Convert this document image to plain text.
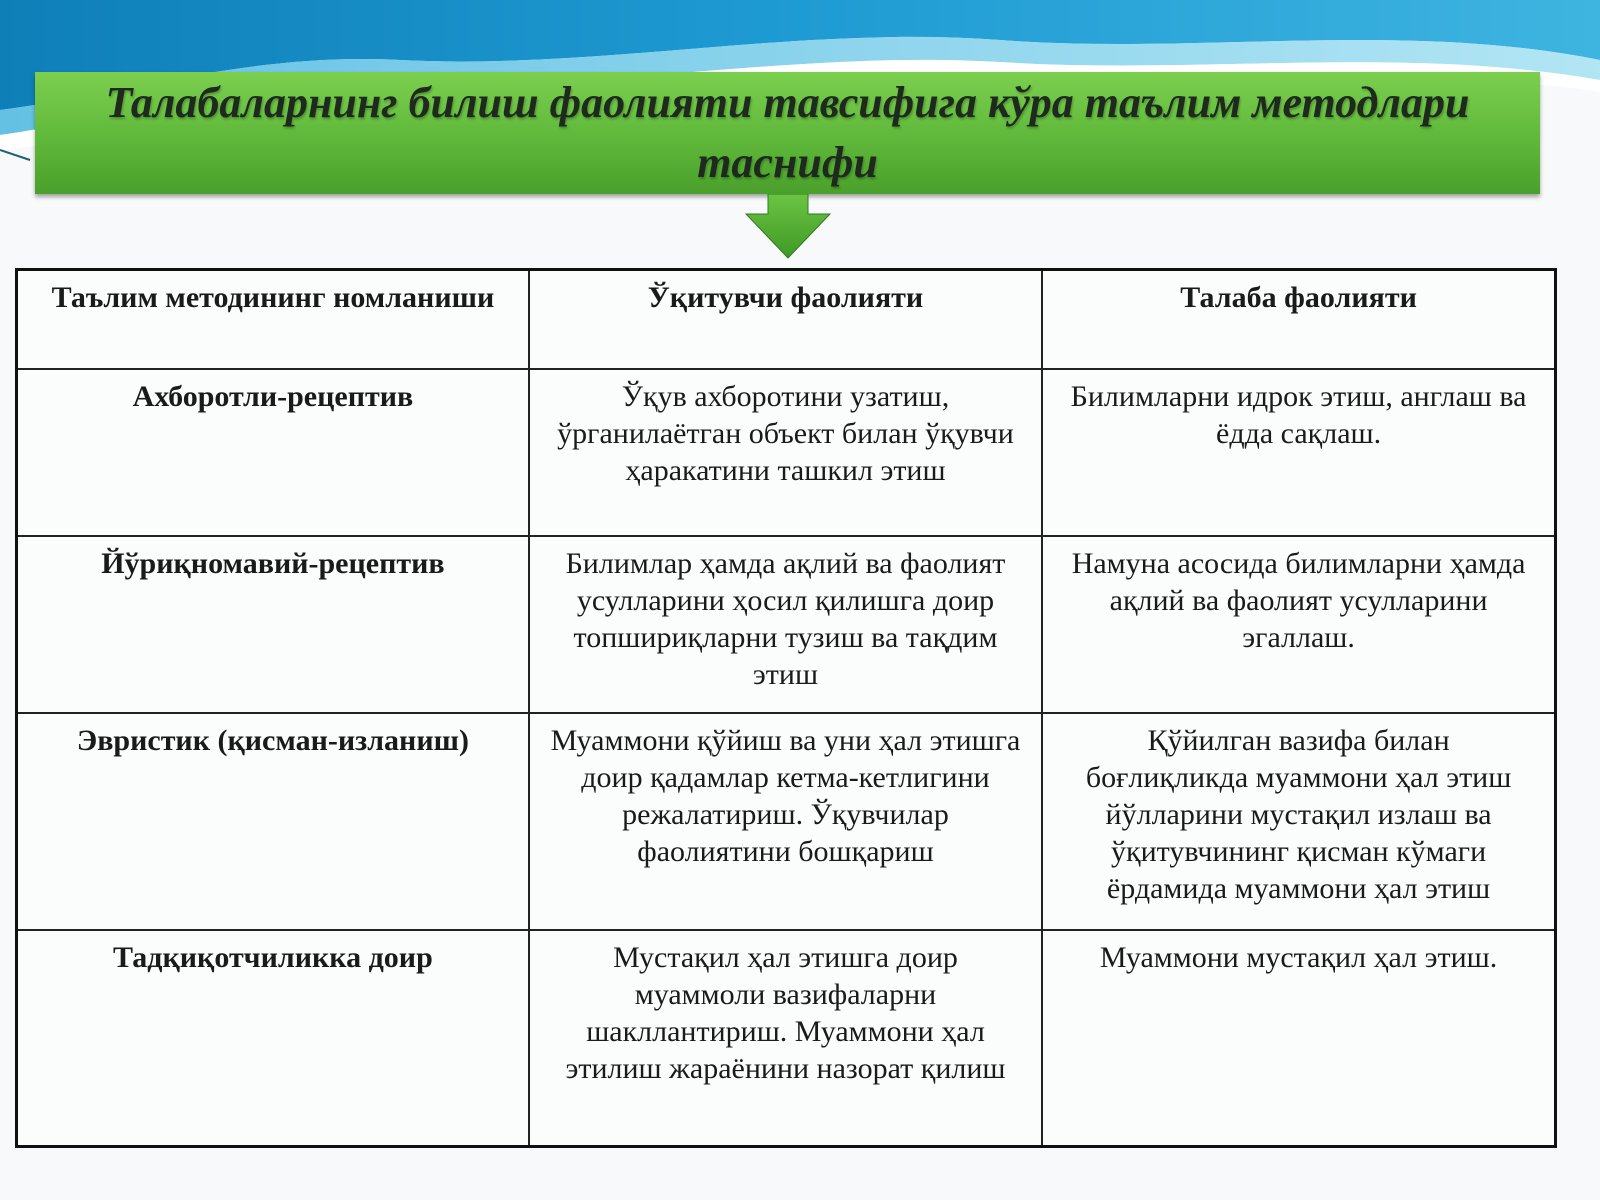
Талабаларнинг билиш фаолияти тавсифига кўра таълим методлари таснифи
Таълим методининг номланиши	Ўқитувчи фаолияти	Талаба фаолияти
Ахборотли-рецептив	Ўқув ахборотини узатиш, ўрганилаётган объект билан ўқувчи ҳаракатини ташкил этиш	Билимларни идрок этиш, англаш ва ёдда сақлаш.
Йўриқномавий-рецептив	Билимлар ҳамда ақлий ва фаолият усулларини ҳосил қилишга доир топшириқларни тузиш ва тақдим этиш	Намуна асосида билимларни ҳамда ақлий ва фаолият усулларини эгаллаш.
Эвристик (қисман-изланиш)	Муаммони қўйиш ва уни ҳал этишга доир қадамлар кетма-кетлигини режалатириш. Ўқувчилар фаолиятини бошқариш	Қўйилган вазифа билан боғлиқликда муаммони ҳал этиш йўлларини мустақил излаш ва ўқитувчининг қисман кўмаги ёрдамида муаммони ҳал этиш
Тадқиқотчиликка доир	Мустақил ҳал этишга доир муаммоли вазифаларни шакллантириш. Муаммони ҳал этилиш жараёнини назорат қилиш	Муаммони мустақил ҳал этиш.
